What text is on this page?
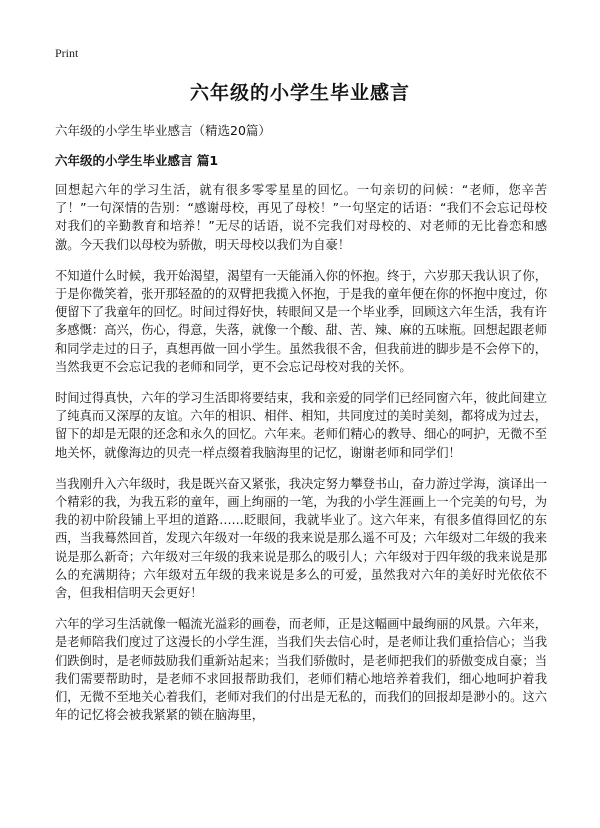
Print
六年级的小学生毕业感言

六年级的小学生毕业感言（精选20篇）

六年级的小学生毕业感言 篇1

回想起六年的学习生活，就有很多零零星星的回忆。一句亲切的问候：“老师，您辛苦了！”一句深情的告别：“感谢母校，再见了母校！”一句坚定的话语：“我们不会忘记母校对我们的辛勤教育和培养！”无尽的话语，说不完我们对母校的、对老师的无比眷恋和感激。今天我们以母校为骄傲，明天母校以我们为自豪！

不知道什么时候，我开始渴望，渴望有一天能涌入你的怀抱。终于，六岁那天我认识了你，于是你微笑着，张开那轻盈的的双臂把我揽入怀抱，于是我的童年便在你的怀抱中度过，你便留下了我童年的回忆。时间过得好快，转眼间又是一个毕业季，回顾这六年生活，我有许多感慨：高兴，伤心，得意，失落，就像一个酸、甜、苦、辣、麻的五味瓶。回想起跟老师和同学走过的日子，真想再做一回小学生。虽然我很不舍，但我前进的脚步是不会停下的，当然我更不会忘记我的老师和同学，更不会忘记母校对我的关怀。

时间过得真快，六年的学习生活即将要结束，我和亲爱的同学们已经同窗六年，彼此间建立了纯真而又深厚的友谊。六年的相识、相伴、相知，共同度过的美时美刻，都将成为过去，留下的却是无限的还念和永久的回忆。六年来。老师们精心的教导、细心的呵护，无微不至地关怀，就像海边的贝壳一样点缀着我脑海里的记忆，谢谢老师和同学们！

当我刚升入六年级时，我是既兴奋又紧张，我决定努力攀登书山，奋力游过学海，演译出一个精彩的我，为我五彩的童年，画上绚丽的一笔，为我的小学生涯画上一个完美的句号，为我的初中阶段铺上平坦的道路……眨眼间，我就毕业了。这六年来，有很多值得回忆的东西，当我蓦然回首，发现六年级对一年级的我来说是那么遥不可及；六年级对二年级的我来说是那么新奇；六年级对三年级的我来说是那么的吸引人；六年级对于四年级的我来说是那么的充满期待；六年级对五年级的我来说是多么的可爱，虽然我对六年的美好时光依依不舍，但我相信明天会更好！

六年的学习生活就像一幅流光溢彩的画卷，而老师，正是这幅画中最绚丽的风景。六年来，是老师陪我们度过了这漫长的小学生涯，当我们失去信心时，是老师让我们重拾信心；当我们跌倒时，是老师鼓励我们重新站起来；当我们骄傲时，是老师把我们的骄傲变成自豪；当我们需要帮助时，是老师不求回报帮助我们，老师们精心地培养着我们，细心地呵护着我们，无微不至地关心着我们，老师对我们的付出是无私的，而我们的回报却是渺小的。这六年的记忆将会被我紧紧的锁在脑海里，
